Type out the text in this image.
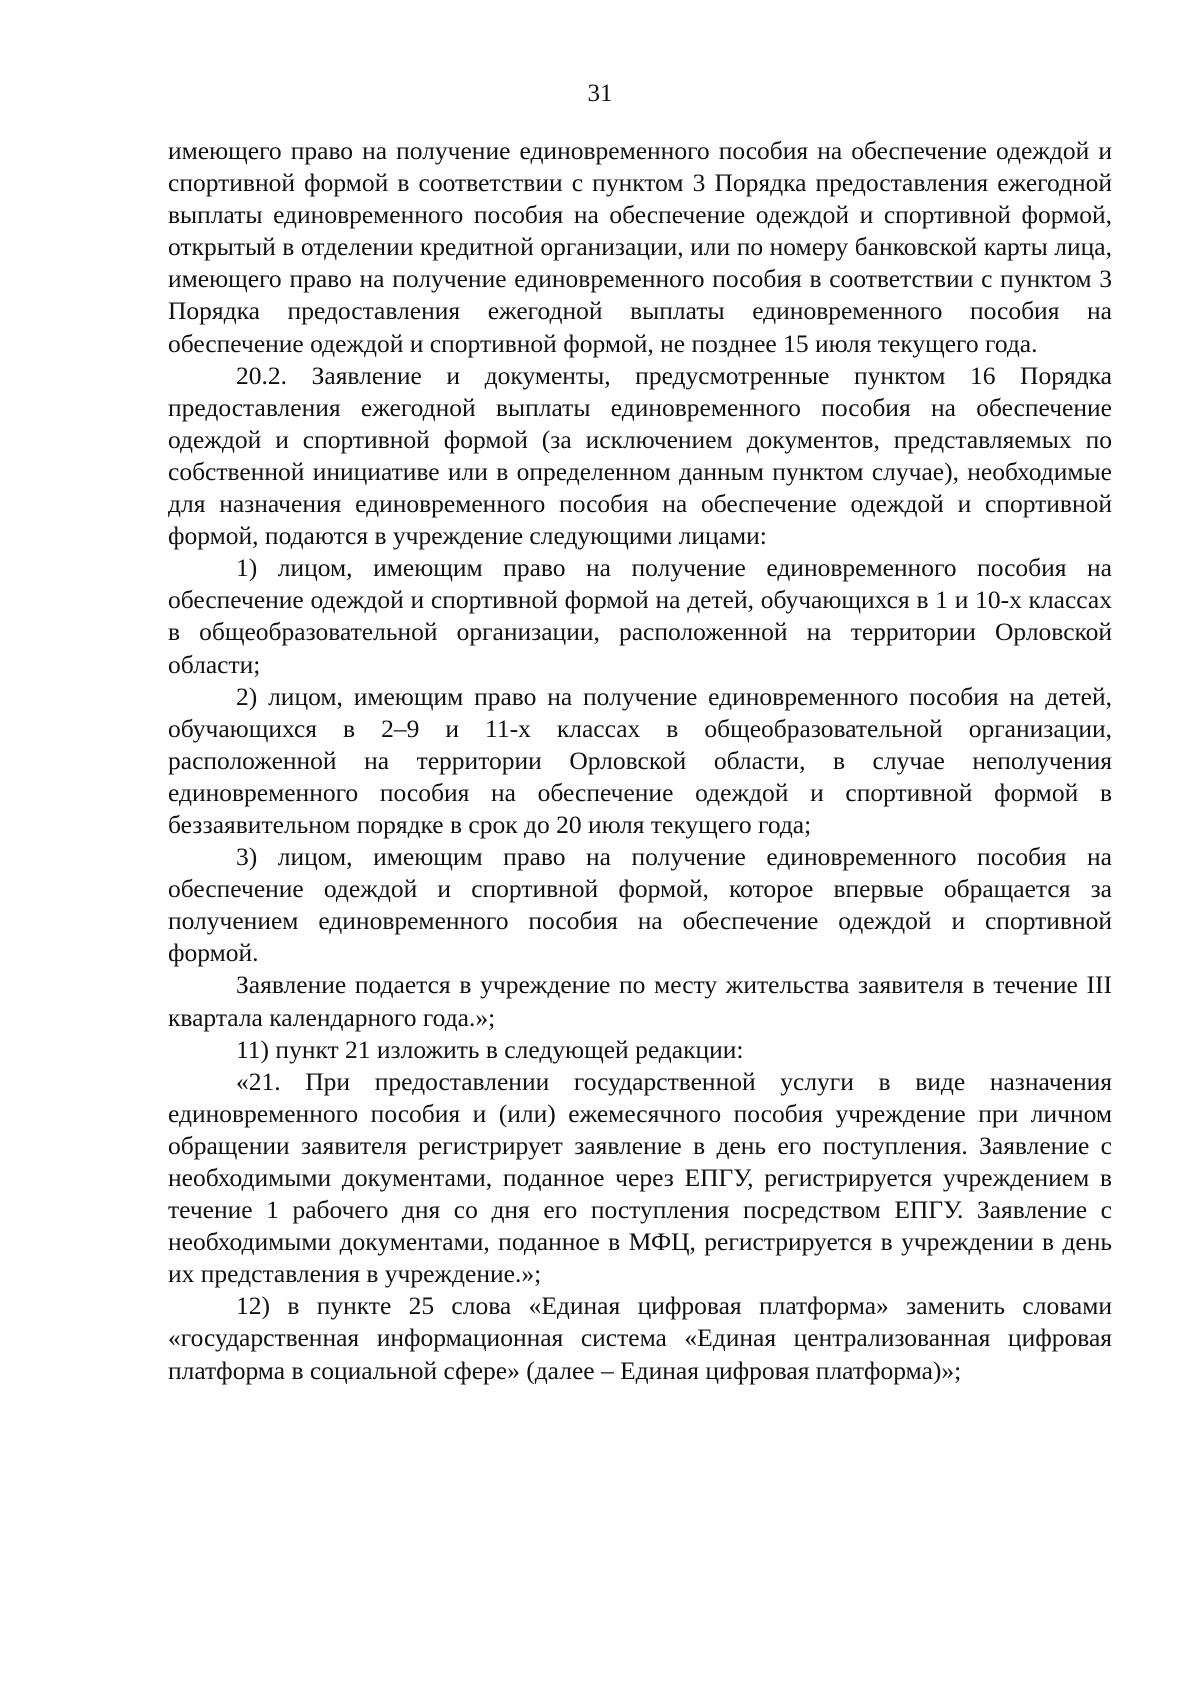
31

имеющего право на получение единовременного пособия на обеспечение одеждой и спортивной формой в соответствии с пунктом 3 Порядка предоставления ежегодной выплаты единовременного пособия на обеспечение одеждой и спортивной формой, открытый в отделении кредитной организации, или по номеру банковской карты лица, имеющего право на получение единовременного пособия в соответствии с пунктом 3 Порядка предоставления ежегодной выплаты единовременного пособия на обеспечение одеждой и спортивной формой, не позднее 15 июля текущего года.

20.2. Заявление и документы, предусмотренные пунктом 16 Порядка предоставления ежегодной выплаты единовременного пособия на обеспечение одеждой и спортивной формой (за исключением документов, представляемых по собственной инициативе или в определенном данным пунктом случае), необходимые для назначения единовременного пособия на обеспечение одеждой и спортивной формой, подаются в учреждение следующими лицами:

1) лицом, имеющим право на получение единовременного пособия на обеспечение одеждой и спортивной формой на детей, обучающихся в 1 и 10-х классах в общеобразовательной организации, расположенной на территории Орловской области;

2) лицом, имеющим право на получение единовременного пособия на детей, обучающихся в 2–9 и 11-х классах в общеобразовательной организации, расположенной на территории Орловской области, в случае неполучения единовременного пособия на обеспечение одеждой и спортивной формой в беззаявительном порядке в срок до 20 июля текущего года;

3) лицом, имеющим право на получение единовременного пособия на обеспечение одеждой и спортивной формой, которое впервые обращается за получением единовременного пособия на обеспечение одеждой и спортивной формой.

Заявление подается в учреждение по месту жительства заявителя в течение III квартала календарного года.»;

11) пункт 21 изложить в следующей редакции:

«21. При предоставлении государственной услуги в виде назначения единовременного пособия и (или) ежемесячного пособия учреждение при личном обращении заявителя регистрирует заявление в день его поступления. Заявление с необходимыми документами, поданное через ЕПГУ, регистрируется учреждением в течение 1 рабочего дня со дня его поступления посредством ЕПГУ. Заявление с необходимыми документами, поданное в МФЦ, регистрируется в учреждении в день их представления в учреждение.»;

12) в пункте 25 слова «Единая цифровая платформа» заменить словами «государственная информационная система «Единая централизованная цифровая платформа в социальной сфере» (далее – Единая цифровая платформа)»;
